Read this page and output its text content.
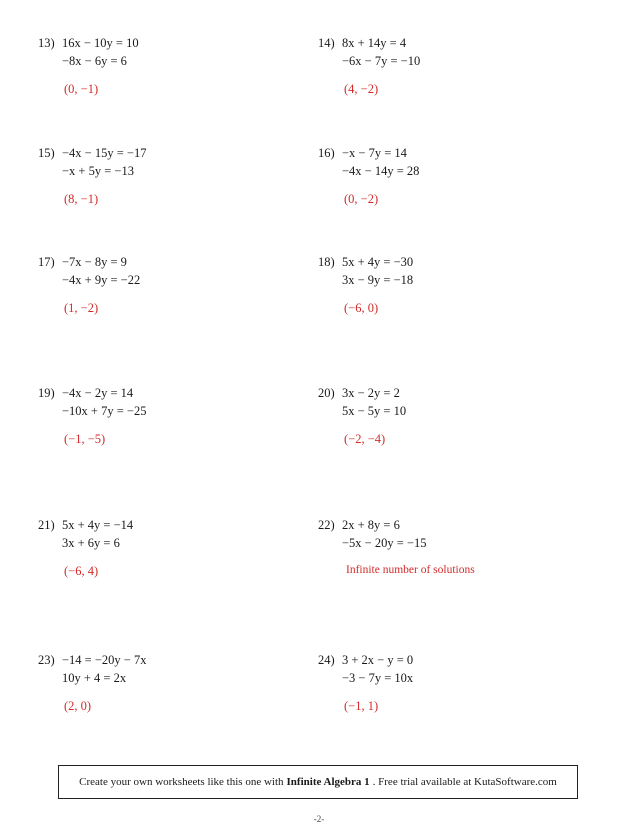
13) 16x − 10y = 10
−8x − 6y = 6
(0, −1)
14) 8x + 14y = 4
−6x − 7y = −10
(4, −2)
15) −4x − 15y = −17
−x + 5y = −13
(8, −1)
16) −x − 7y = 14
−4x − 14y = 28
(0, −2)
17) −7x − 8y = 9
−4x + 9y = −22
(1, −2)
18) 5x + 4y = −30
3x − 9y = −18
(−6, 0)
19) −4x − 2y = 14
−10x + 7y = −25
(−1, −5)
20) 3x − 2y = 2
5x − 5y = 10
(−2, −4)
21) 5x + 4y = −14
3x + 6y = 6
(−6, 4)
22) 2x + 8y = 6
−5x − 20y = −15
Infinite number of solutions
23) −14 = −20y − 7x
10y + 4 = 2x
(2, 0)
24) 3 + 2x − y = 0
−3 − 7y = 10x
(−1, 1)
Create your own worksheets like this one with Infinite Algebra 1 . Free trial available at KutaSoftware.com
-2-
